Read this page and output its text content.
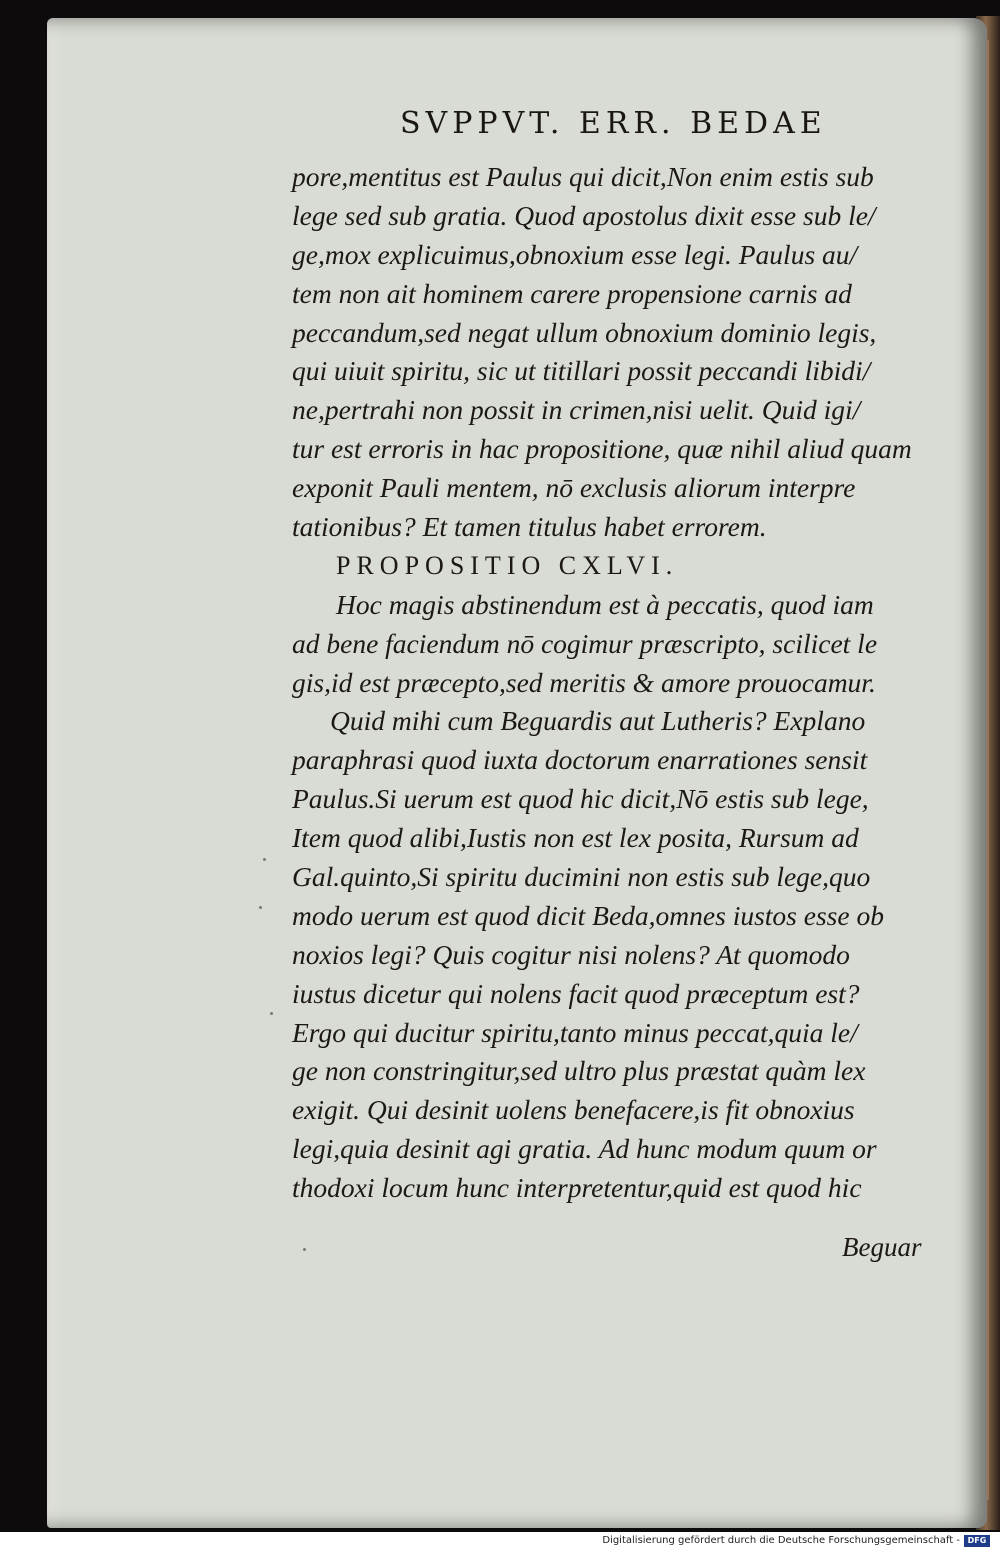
SVPPVT. ERR. BEDAE
pore,mentitus est Paulus qui dicit,Non enim estis sub
lege sed sub gratia. Quod apostolus dixit esse sub le/
ge,mox explicuimus,obnoxium esse legi. Paulus au/
tem non ait hominem carere propensione carnis ad
peccandum,sed negat ullum obnoxium dominio legis,
qui uiuit spiritu, sic ut titillari possit peccandi libidi/
ne,pertrahi non possit in crimen,nisi uelit. Quid igi/
tur est erroris in hac propositione, quæ nihil aliud quam
exponit Pauli mentem, nō exclusis aliorum interpre
tationibus? Et tamen titulus habet errorem.
PROPOSITIO CXLVI.
Hoc magis abstinendum est à peccatis, quod iam
ad bene faciendum nō cogimur præscripto, scilicet le
gis,id est præcepto,sed meritis & amore prouocamur.
Quid mihi cum Beguardis aut Lutheris? Explano
paraphrasi quod iuxta doctorum enarrationes sensit
Paulus.Si uerum est quod hic dicit,Nō estis sub lege,
Item quod alibi,Iustis non est lex posita, Rursum ad
Gal.quinto,Si spiritu ducimini non estis sub lege,quo
modo uerum est quod dicit Beda,omnes iustos esse ob
noxios legi? Quis cogitur nisi nolens? At quomodo
iustus dicetur qui nolens facit quod præceptum est?
Ergo qui ducitur spiritu,tanto minus peccat,quia le/
ge non constringitur,sed ultro plus præstat quàm lex
exigit. Qui desinit uolens benefacere,is fit obnoxius
legi,quia desinit agi gratia. Ad hunc modum quum or
thodoxi locum hunc interpretentur,quid est quod hic
Beguar
Digitalisierung gefördert durch die Deutsche Forschungsgemeinschaft - DFG
